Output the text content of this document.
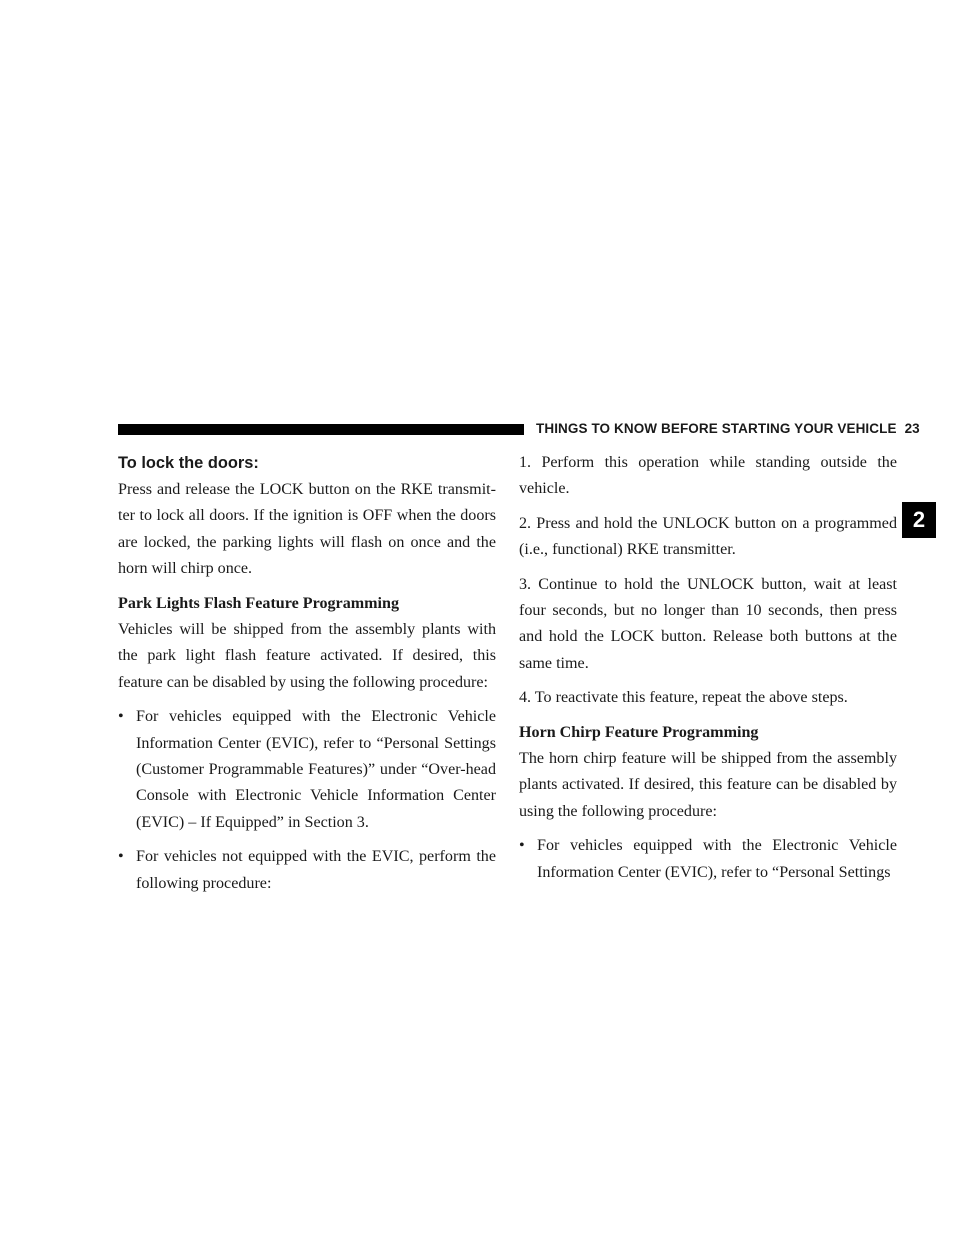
THINGS TO KNOW BEFORE STARTING YOUR VEHICLE 23
2
To lock the doors:
Press and release the LOCK button on the RKE transmit-ter to lock all doors. If the ignition is OFF when the doors are locked, the parking lights will flash on once and the horn will chirp once.
Park Lights Flash Feature Programming
Vehicles will be shipped from the assembly plants with the park light flash feature activated. If desired, this feature can be disabled by using the following procedure:
• For vehicles equipped with the Electronic Vehicle Information Center (EVIC), refer to “Personal Settings (Customer Programmable Features)” under “Over-head Console with Electronic Vehicle Information Center (EVIC) – If Equipped” in Section 3.
• For vehicles not equipped with the EVIC, perform the following procedure:
1. Perform this operation while standing outside the vehicle.
2. Press and hold the UNLOCK button on a programmed (i.e., functional) RKE transmitter.
3. Continue to hold the UNLOCK button, wait at least four seconds, but no longer than 10 seconds, then press and hold the LOCK button. Release both buttons at the same time.
4. To reactivate this feature, repeat the above steps.
Horn Chirp Feature Programming
The horn chirp feature will be shipped from the assembly plants activated. If desired, this feature can be disabled by using the following procedure:
• For vehicles equipped with the Electronic Vehicle Information Center (EVIC), refer to “Personal Settings
